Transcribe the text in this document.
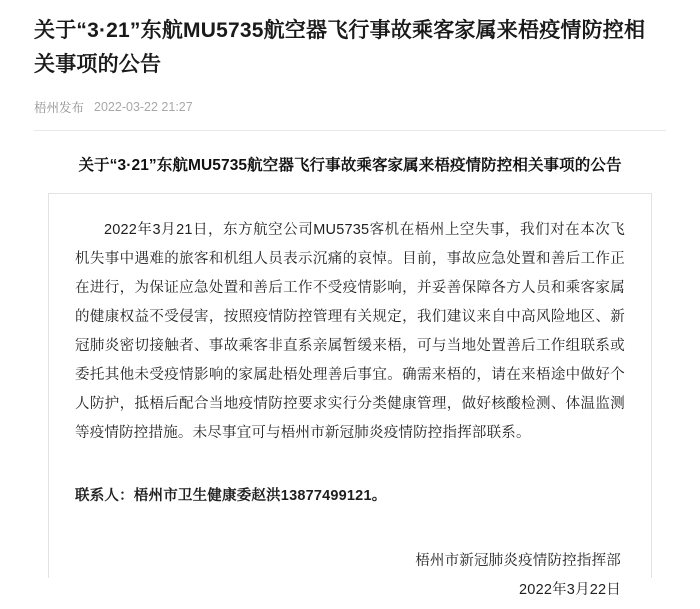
关于“3·21”东航MU5735航空器飞行事故乘客家属来梧疫情防控相关事项的公告
梧州发布 2022-03-22 21:27
关于“3·21”东航MU5735航空器飞行事故乘客家属来梧疫情防控相关事项的公告

2022年3月21日，东方航空公司MU5735客机在梧州上空失事，我们对在本次飞机失事中遇难的旅客和机组人员表示沉痛的哀悼。目前，事故应急处置和善后工作正在进行，为保证应急处置和善后工作不受疫情影响，并妥善保障各方人员和乘客家属的健康权益不受侵害，按照疫情防控管理有关规定，我们建议来自中高风险地区、新冠肺炎密切接触者、事故乘客非直系亲属暂缓来梧，可与当地处置善后工作组联系或委托其他未受疫情影响的家属赴梧处理善后事宜。确需来梧的，请在来梧途中做好个人防护，抵梧后配合当地疫情防控要求实行分类健康管理，做好核酸检测、体温监测等疫情防控措施。未尽事宜可与梧州市新冠肺炎疫情防控指挥部联系。

联系人：梧州市卫生健康委赵洪13877499121。
梧州市新冠肺炎疫情防控指挥部
2022年3月22日
